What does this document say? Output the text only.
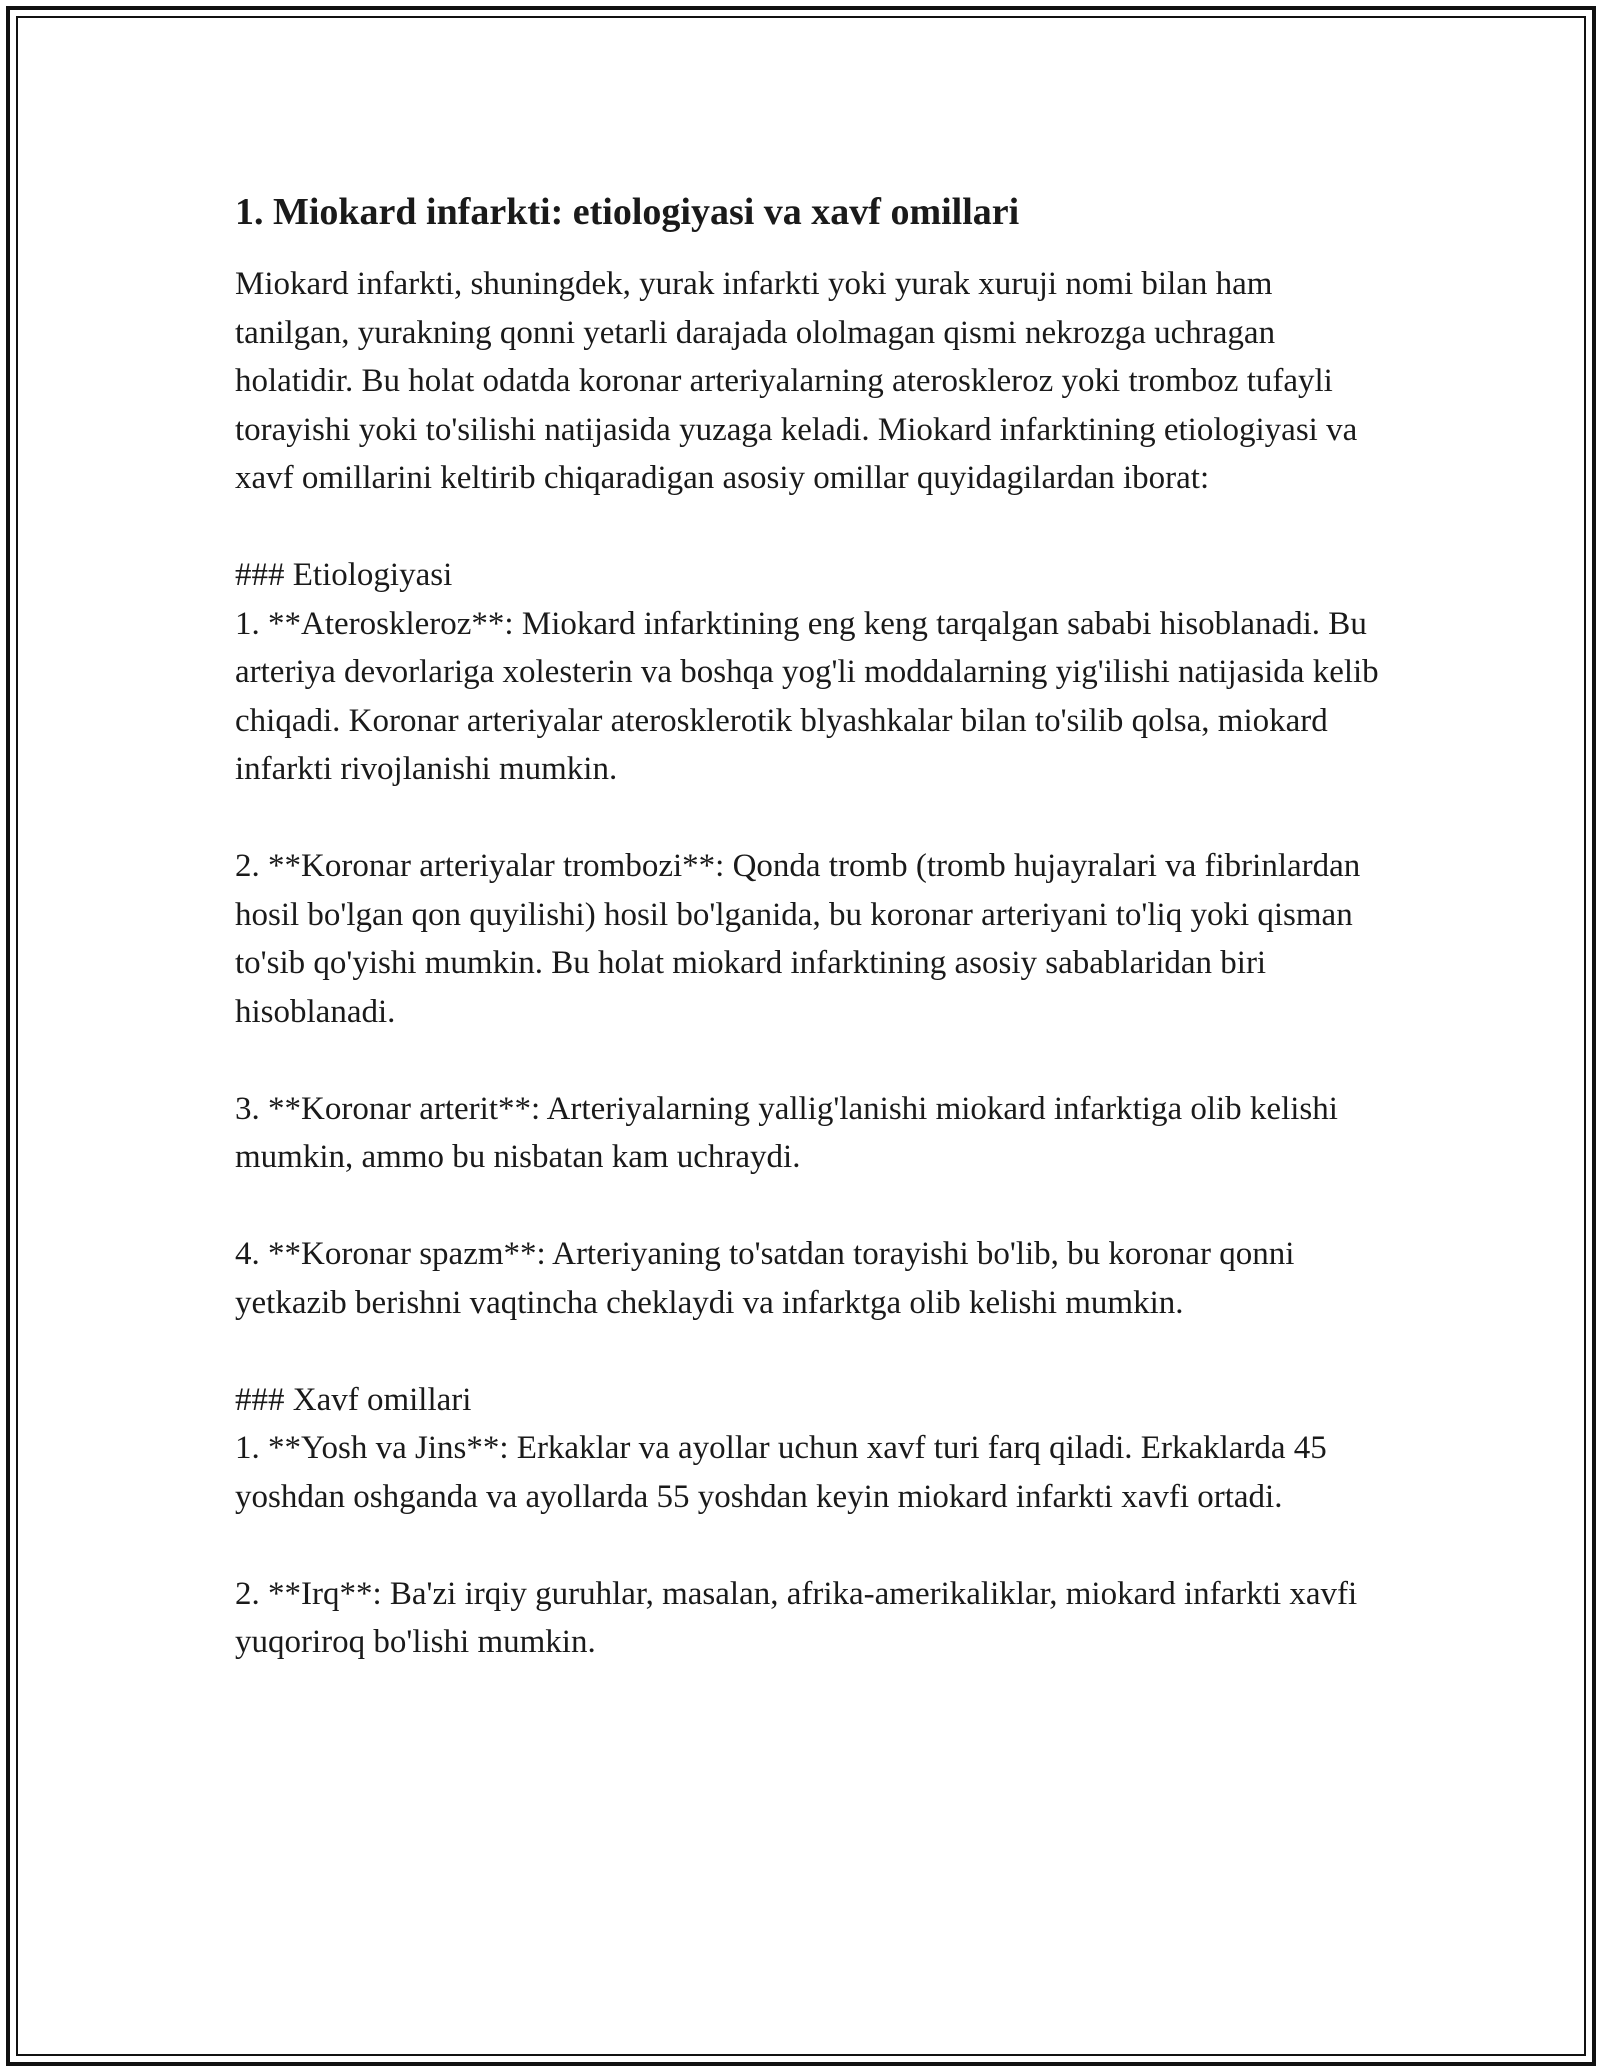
1. Miokard infarkti: etiologiyasi va xavf omillari

Miokard infarkti, shuningdek, yurak infarkti yoki yurak xuruji nomi bilan ham tanilgan, yurakning qonni yetarli darajada ololmagan qismi nekrozga uchragan holatidir. Bu holat odatda koronar arteriyalarning ateroskleroz yoki tromboz tufayli torayishi yoki to'silishi natijasida yuzaga keladi. Miokard infarktining etiologiyasi va xavf omillarini keltirib chiqaradigan asosiy omillar quyidagilardan iborat:

### Etiologiyasi

1. **Ateroskleroz**: Miokard infarktining eng keng tarqalgan sababi hisoblanadi. Bu arteriya devorlariga xolesterin va boshqa yog'li moddalarning yig'ilishi natijasida kelib chiqadi. Koronar arteriyalar aterosklerotik blyashkalar bilan to'silib qolsa, miokard infarkti rivojlanishi mumkin.

2. **Koronar arteriyalar trombozi**: Qonda tromb (tromb hujayralari va fibrinlardan hosil bo'lgan qon quyilishi) hosil bo'lganida, bu koronar arteriyani to'liq yoki qisman to'sib qo'yishi mumkin. Bu holat miokard infarktining asosiy sabablaridan biri hisoblanadi.

3. **Koronar arterit**: Arteriyalarning yallig'lanishi miokard infarktiga olib kelishi mumkin, ammo bu nisbatan kam uchraydi.

4. **Koronar spazm**: Arteriyaning to'satdan torayishi bo'lib, bu koronar qonni yetkazib berishni vaqtincha cheklaydi va infarktga olib kelishi mumkin.

### Xavf omillari

1. **Yosh va Jins**: Erkaklar va ayollar uchun xavf turi farq qiladi. Erkaklarda 45 yoshdan oshganda va ayollarda 55 yoshdan keyin miokard infarkti xavfi ortadi.

2. **Irq**: Ba'zi irqiy guruhlar, masalan, afrika-amerikaliklar, miokard infarkti xavfi yuqoriroq bo'lishi mumkin.
